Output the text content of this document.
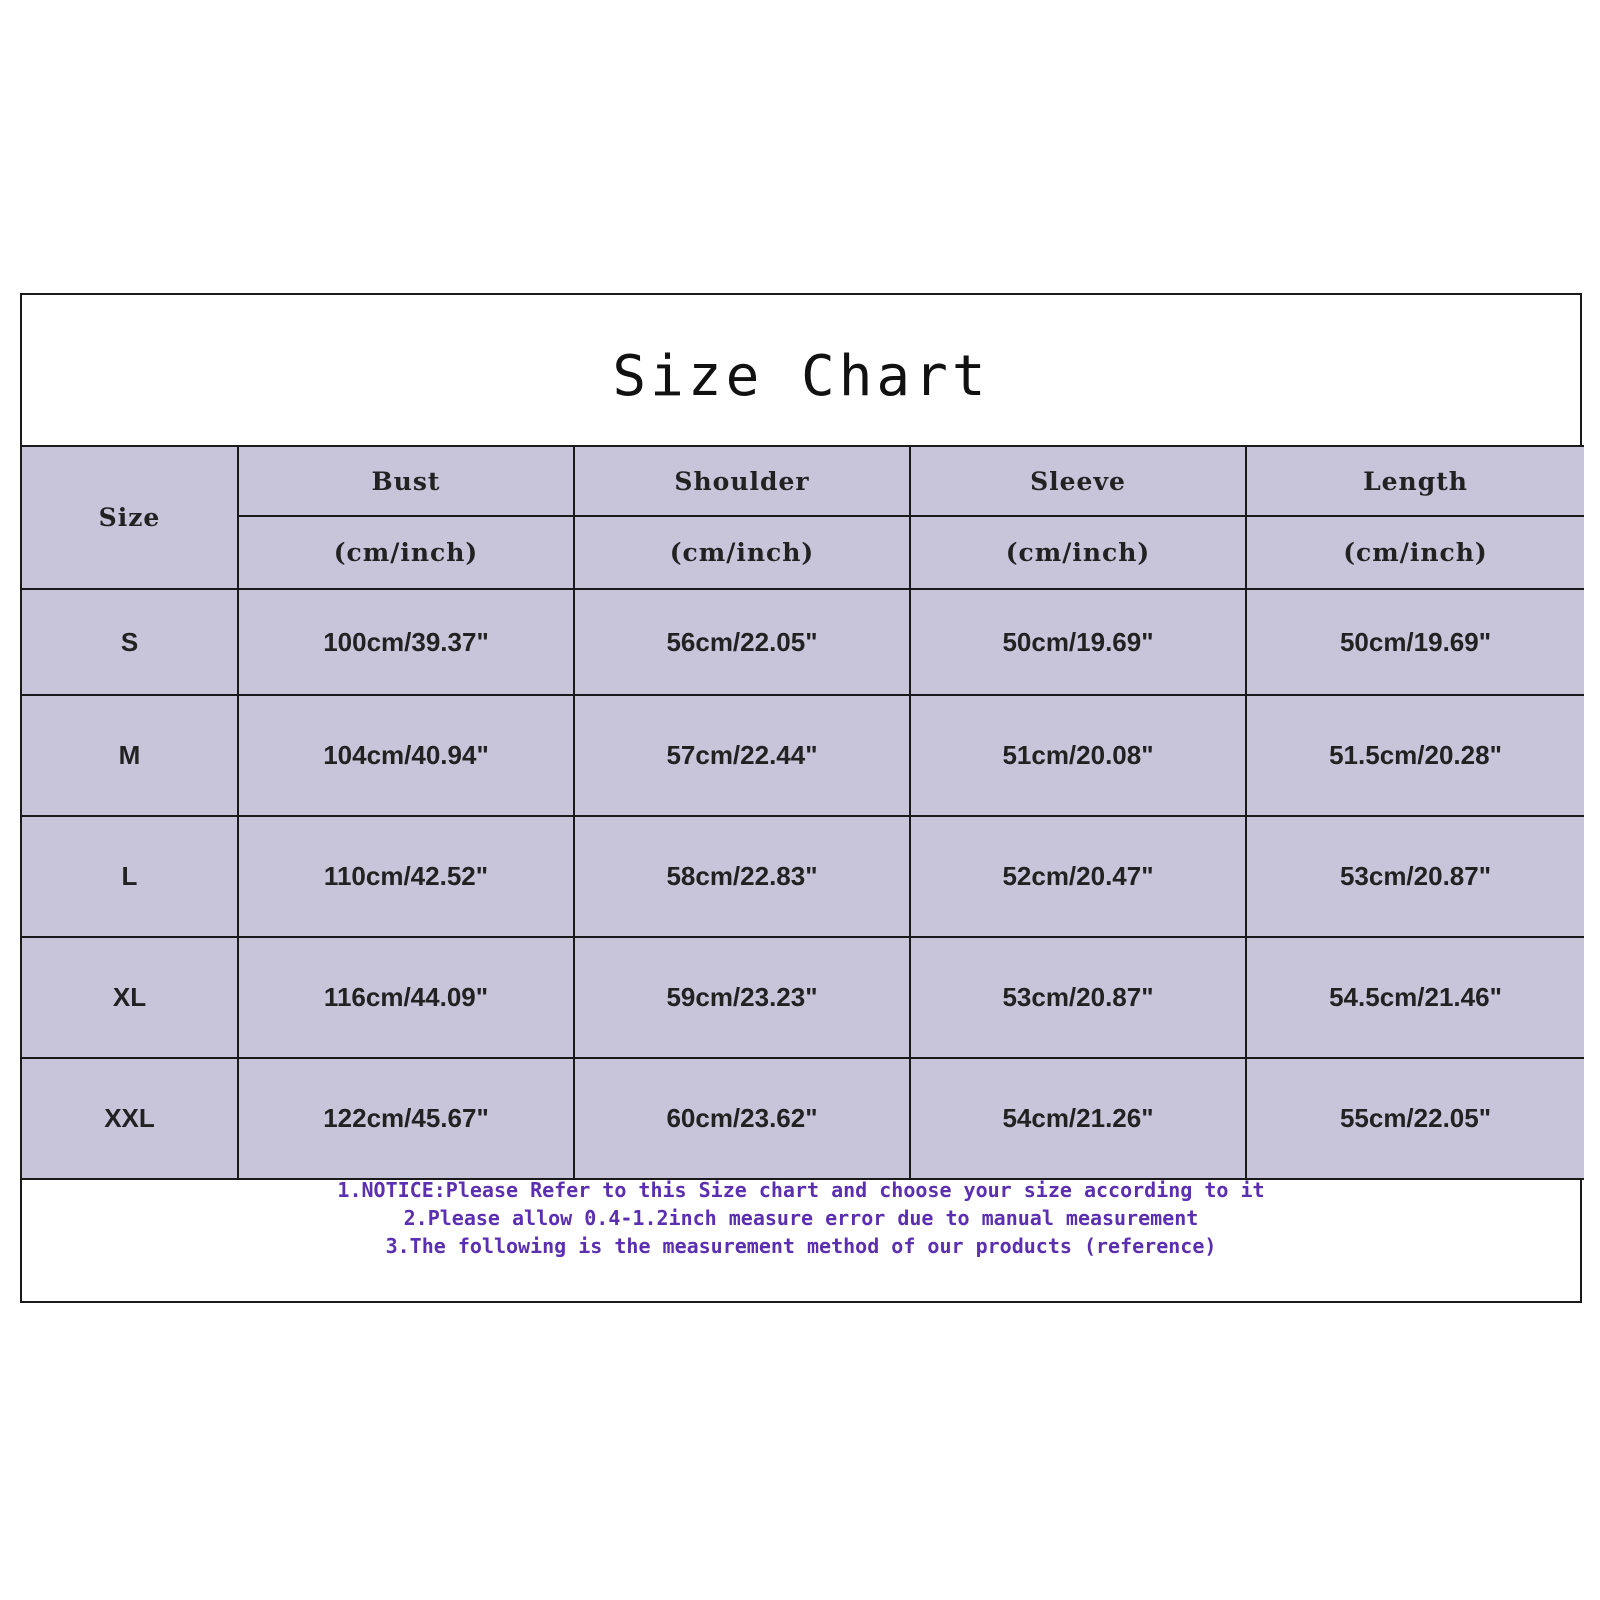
Size Chart
Size	Bust	Shoulder	Sleeve	Length
	(cm/inch)	(cm/inch)	(cm/inch)	(cm/inch)
S	100cm/39.37"	56cm/22.05"	50cm/19.69"	50cm/19.69"
M	104cm/40.94"	57cm/22.44"	51cm/20.08"	51.5cm/20.28"
L	110cm/42.52"	58cm/22.83"	52cm/20.47"	53cm/20.87"
XL	116cm/44.09"	59cm/23.23"	53cm/20.87"	54.5cm/21.46"
XXL	122cm/45.67"	60cm/23.62"	54cm/21.26"	55cm/22.05"
1.NOTICE:Please Refer to this Size chart and choose your size according to it
2.Please allow 0.4-1.2inch measure error due to manual measurement
3.The following is the measurement method of our products (reference)
